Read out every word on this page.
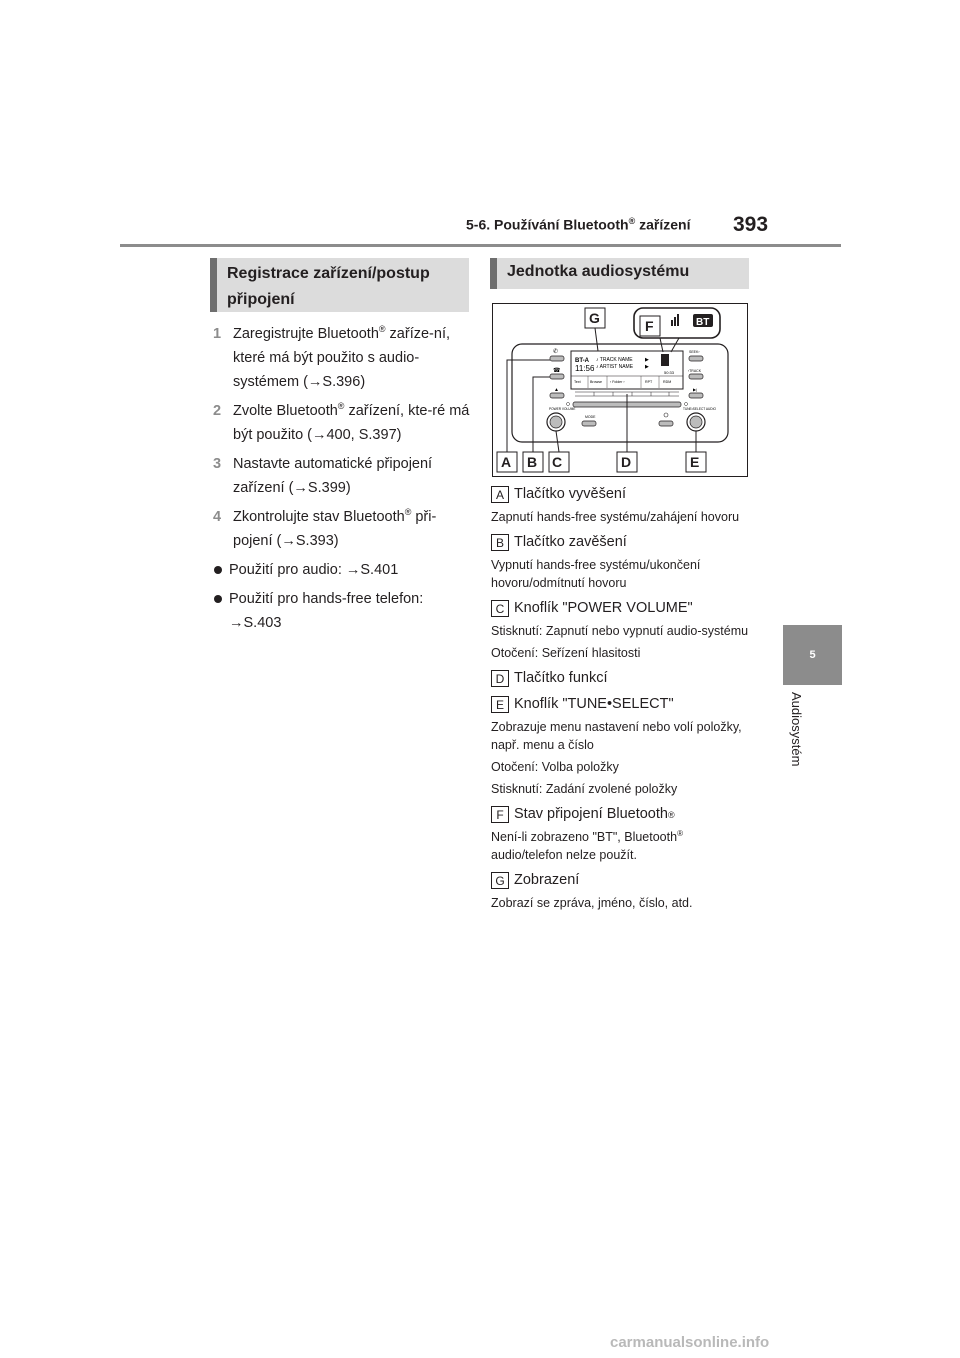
5-6. Používání Bluetooth® zařízení 393
5
Audiosystém
Registrace zařízení/postup připojení
Jednotka audiosystému
1 Zaregistrujte Bluetooth® zaříze-ní, které má být použito s audio-systémem (→S.396)
2 Zvolte Bluetooth® zařízení, kte-ré má být použito (→400, S.397)
3 Nastavte automatické připojení zařízení (→S.399)
4 Zkontrolujte stav Bluetooth® při-pojení (→S.393)
Použití pro audio: →S.401
Použití pro hands-free telefon: →S.403
BT-A
11:56
♪ TRACK NAME
♪ ARTIST NAME
▶
▶
50:33
Text	Browse ‹ Folder ›	RPT	RDM
✆
☎
▲
SEEK›
‹TRACK
▶|
POWER VOLUME
MODE
TUNE•SELECT AUDIO
BT
G	F
A B C	D	E
A Tlačítko vyvěšení
Zapnutí hands-free systému/zahájení hovoru
B Tlačítko zavěšení
Vypnutí hands-free systému/ukončení hovoru/odmítnutí hovoru
C Knoflík "POWER VOLUME"
Stisknutí: Zapnutí nebo vypnutí audio-systému
Otočení: Seřízení hlasitosti
D Tlačítko funkcí
E Knoflík "TUNE•SELECT"
Zobrazuje menu nastavení nebo volí položky, např. menu a číslo
Otočení: Volba položky
Stisknutí: Zadání zvolené položky
F Stav připojení Bluetooth ®
Není-li zobrazeno "BT", Bluetooth® audio/telefon nelze použít.
G Zobrazení
Zobrazí se zpráva, jméno, číslo, atd.
carmanualsonline.info
